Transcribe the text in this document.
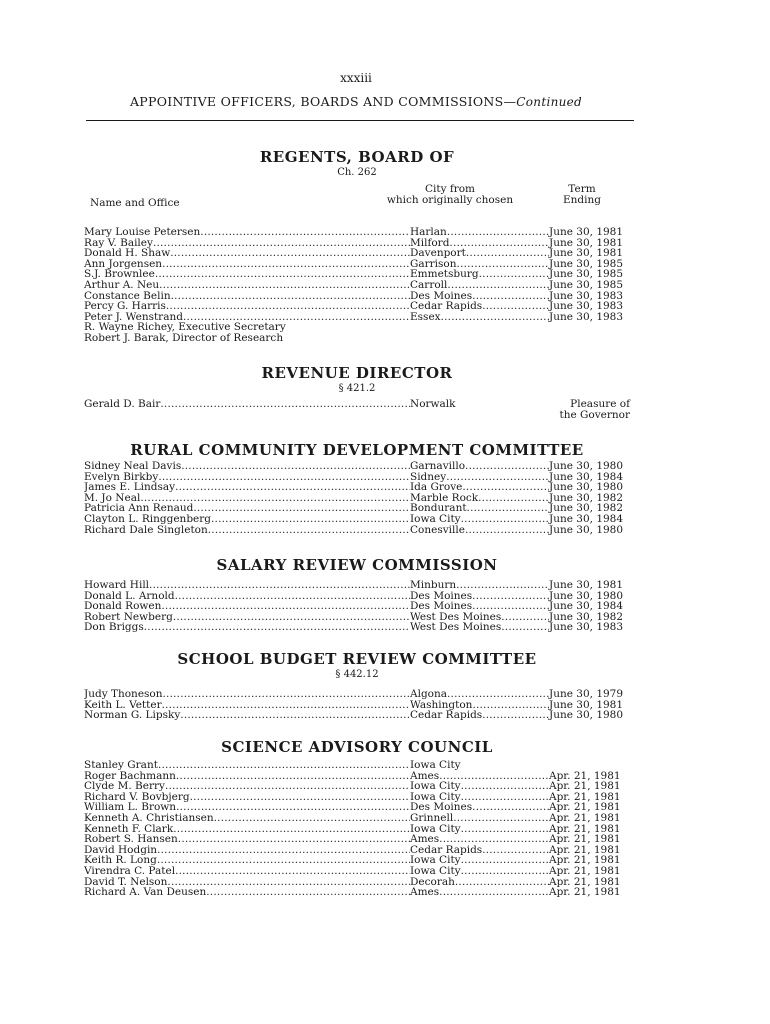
xxxiii
APPOINTIVE OFFICERS, BOARDS AND COMMISSIONS—Continued
REGENTS, BOARD OF

Ch. 262

Name and Office
City from
which originally chosen
Term
Ending
Mary Louise Petersen .....	Harlan .....	June 30, 1981
Ray V. Bailey .....	Milford .....	June 30, 1981
Donald H. Shaw .....	Davenport .....	June 30, 1981
Ann Jorgensen .....	Garrison .....	June 30, 1985
S.J. Brownlee .....	Emmetsburg .....	June 30, 1985
Arthur A. Neu .....	Carroll .....	June 30, 1985
Constance Belin .....	Des Moines .....	June 30, 1983
Percy G. Harris .....	Cedar Rapids .....	June 30, 1983
Peter J. Wenstrand .....	Essex .....	June 30, 1983
R. Wayne Richey, Executive Secretary
Robert J. Barak, Director of Research
REVENUE DIRECTOR

§ 421.2

Gerald D. Bair .....	Norwalk	Pleasure of
the Governor
RURAL COMMUNITY DEVELOPMENT COMMITTEE
Sidney Neal Davis .....	Garnavillo .....	June 30, 1980
Evelyn Birkby .....	Sidney .....	June 30, 1984
James E. Lindsay .....	Ida Grove .....	June 30, 1980
M. Jo Neal .....	Marble Rock .....	June 30, 1982
Patricia Ann Renaud .....	Bondurant .....	June 30, 1982
Clayton L. Ringgenberg .....	Iowa City .....	June 30, 1984
Richard Dale Singleton .....	Conesville .....	June 30, 1980
SALARY REVIEW COMMISSION
Howard Hill .....	Minburn .....	June 30, 1981
Donald L. Arnold .....	Des Moines .....	June 30, 1980
Donald Rowen .....	Des Moines .....	June 30, 1984
Robert Newberg .....	West Des Moines .....	June 30, 1982
Don Briggs .....	West Des Moines .....	June 30, 1983
SCHOOL BUDGET REVIEW COMMITTEE

§ 442.12

Judy Thoneson .....	Algona .....	June 30, 1979
Keith L. Vetter .....	Washington .....	June 30, 1981
Norman G. Lipsky .....	Cedar Rapids .....	June 30, 1980
SCIENCE ADVISORY COUNCIL
Stanley Grant .....	Iowa City
Roger Bachmann .....	Ames .....	Apr. 21, 1981
Clyde M. Berry .....	Iowa City .....	Apr. 21, 1981
Richard V. Bovbjerg .....	Iowa City .....	Apr. 21, 1981
William L. Brown .....	Des Moines .....	Apr. 21, 1981
Kenneth A. Christiansen .....	Grinnell .....	Apr. 21, 1981
Kenneth F. Clark .....	Iowa City .....	Apr. 21, 1981
Robert S. Hansen .....	Ames .....	Apr. 21, 1981
David Hodgin .....	Cedar Rapids .....	Apr. 21, 1981
Keith R. Long .....	Iowa City .....	Apr. 21, 1981
Virendra C. Patel .....	Iowa City .....	Apr. 21, 1981
David T. Nelson .....	Decorah .....	Apr. 21, 1981
Richard A. Van Deusen .....	Ames .....	Apr. 21, 1981
